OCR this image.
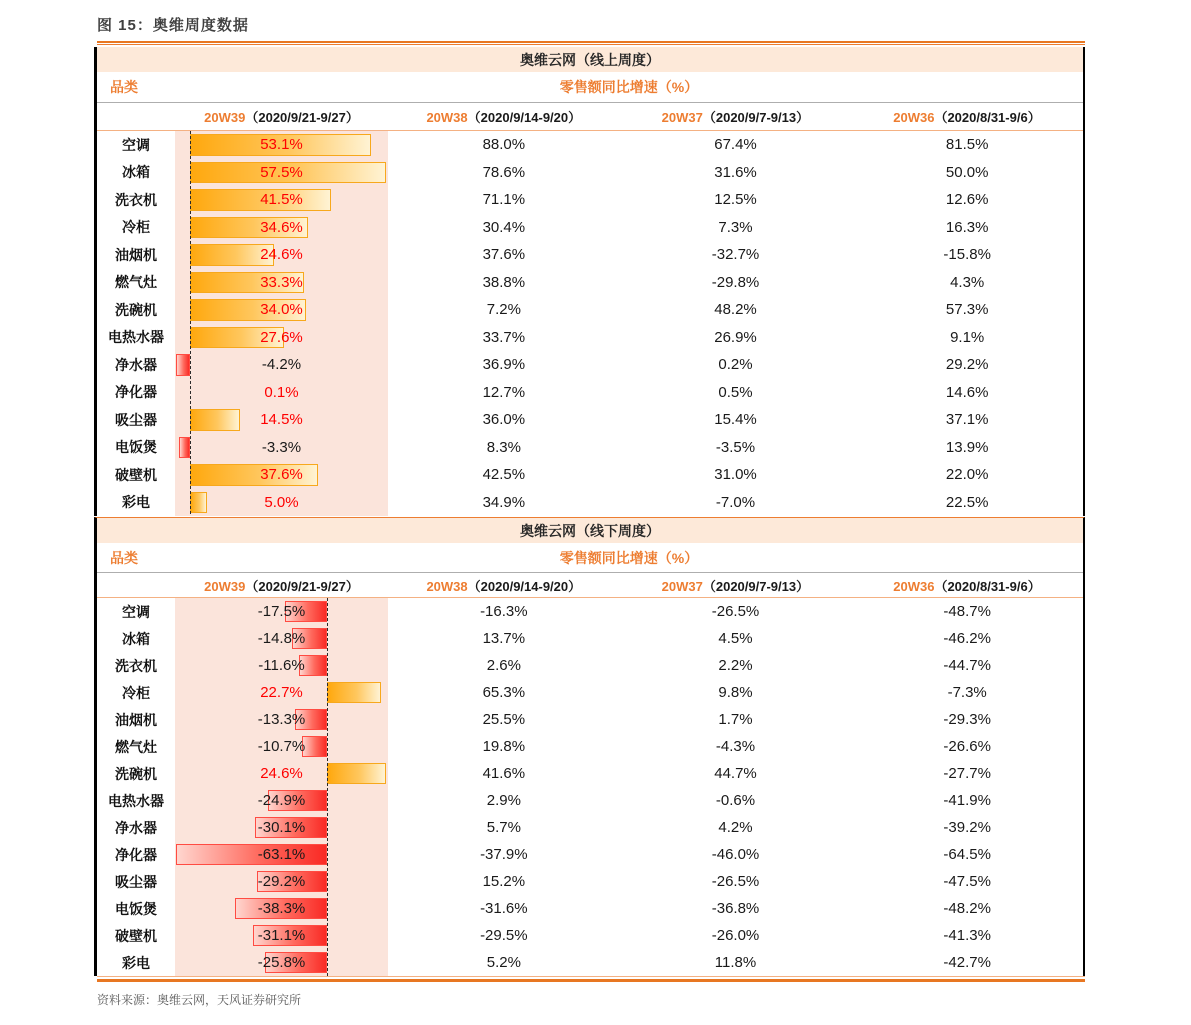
图 15：奥维周度数据
奥维云网（线上周度）
品类	零售额同比增速（%）
20W39（2020/9/21-9/27）	20W38（2020/9/14-9/20）	20W37（2020/9/7-9/13）	20W36（2020/8/31-9/6）
空调	53.1%	88.0%	67.4%	81.5%
冰箱	57.5%	78.6%	31.6%	50.0%
洗衣机	41.5%	71.1%	12.5%	12.6%
冷柜	34.6%	30.4%	7.3%	16.3%
油烟机	24.6%	37.6%	-32.7%	-15.8%
燃气灶	33.3%	38.8%	-29.8%	4.3%
洗碗机	34.0%	7.2%	48.2%	57.3%
电热水器	27.6%	33.7%	26.9%	9.1%
净水器	-4.2%	36.9%	0.2%	29.2%
净化器	0.1%	12.7%	0.5%	14.6%
吸尘器	14.5%	36.0%	15.4%	37.1%
电饭煲	-3.3%	8.3%	-3.5%	13.9%
破壁机	37.6%	42.5%	31.0%	22.0%
彩电	5.0%	34.9%	-7.0%	22.5%
奥维云网（线下周度）
品类	零售额同比增速（%）
20W39（2020/9/21-9/27）	20W38（2020/9/14-9/20）	20W37（2020/9/7-9/13）	20W36（2020/8/31-9/6）
空调	-17.5%	-16.3%	-26.5%	-48.7%
冰箱	-14.8%	13.7%	4.5%	-46.2%
洗衣机	-11.6%	2.6%	2.2%	-44.7%
冷柜	22.7%	65.3%	9.8%	-7.3%
油烟机	-13.3%	25.5%	1.7%	-29.3%
燃气灶	-10.7%	19.8%	-4.3%	-26.6%
洗碗机	24.6%	41.6%	44.7%	-27.7%
电热水器	-24.9%	2.9%	-0.6%	-41.9%
净水器	-30.1%	5.7%	4.2%	-39.2%
净化器	-63.1%	-37.9%	-46.0%	-64.5%
吸尘器	-29.2%	15.2%	-26.5%	-47.5%
电饭煲	-38.3%	-31.6%	-36.8%	-48.2%
破壁机	-31.1%	-29.5%	-26.0%	-41.3%
彩电	-25.8%	5.2%	11.8%	-42.7%
资料来源：奥维云网，天风证券研究所
